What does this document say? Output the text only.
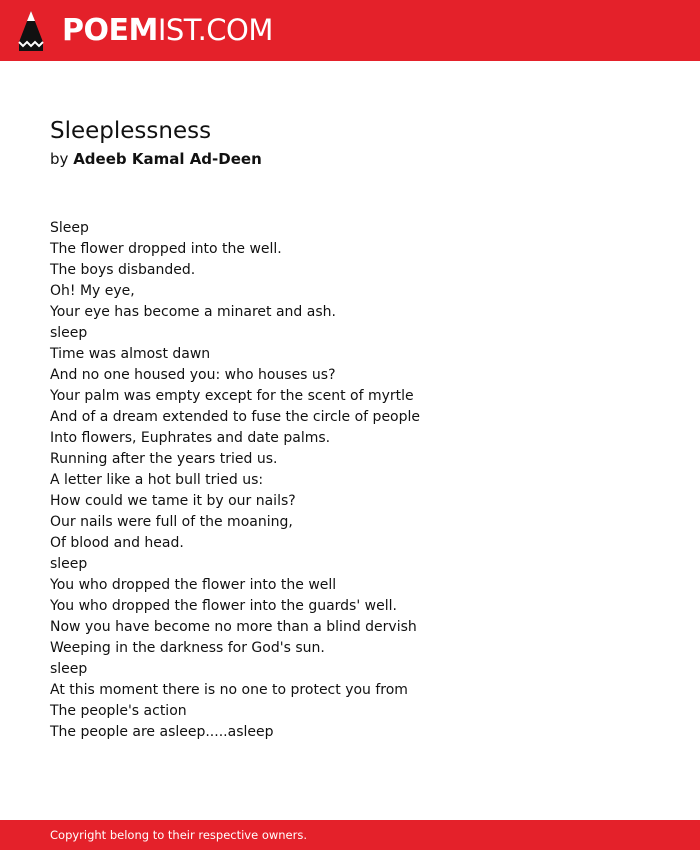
POEMIST.COM
Sleeplessness

by Adeeb Kamal Ad-Deen

Sleep
The flower dropped into the well.
The boys disbanded.
Oh! My eye,
Your eye has become a minaret and ash.
sleep
Time was almost dawn
And no one housed you: who houses us?
Your palm was empty except for the scent of myrtle
And of a dream extended to fuse the circle of people
Into flowers, Euphrates and date palms.
Running after the years tried us.
A letter like a hot bull tried us:
How could we tame it by our nails?
Our nails were full of the moaning,
Of blood and head.
sleep
You who dropped the flower into the well
You who dropped the flower into the guards' well.
Now you have become no more than a blind dervish
Weeping in the darkness for God's sun.
sleep
At this moment there is no one to protect you from
The people's action
The people are asleep.....asleep
Copyright belong to their respective owners.
